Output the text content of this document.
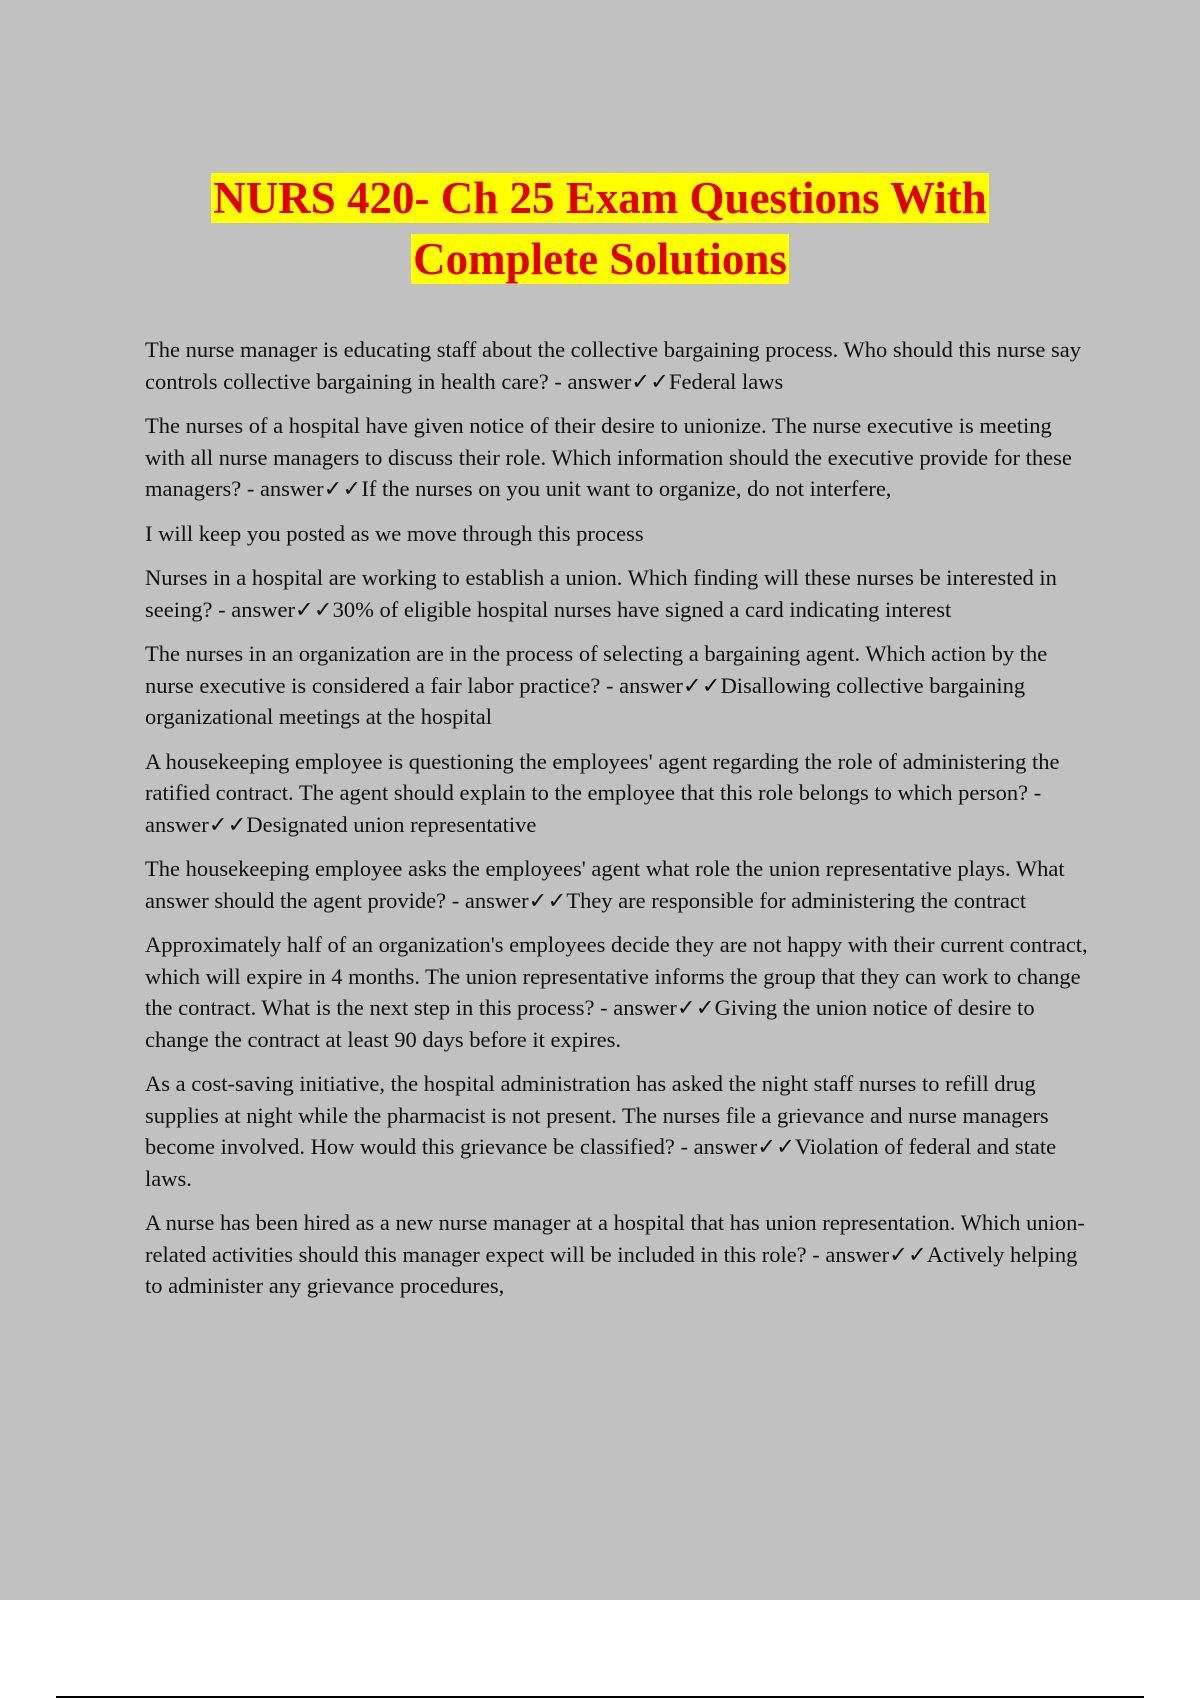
NURS 420- Ch 25 Exam Questions With
Complete Solutions

The nurse manager is educating staff about the collective bargaining process. Who should this nurse say controls collective bargaining in health care? - answer✓✓Federal laws

The nurses of a hospital have given notice of their desire to unionize. The nurse executive is meeting with all nurse managers to discuss their role. Which information should the executive provide for these managers? - answer✓✓If the nurses on you unit want to organize, do not interfere,

I will keep you posted as we move through this process

Nurses in a hospital are working to establish a union. Which finding will these nurses be interested in seeing? - answer✓✓30% of eligible hospital nurses have signed a card indicating interest

The nurses in an organization are in the process of selecting a bargaining agent. Which action by the nurse executive is considered a fair labor practice? - answer✓✓Disallowing collective bargaining organizational meetings at the hospital

A housekeeping employee is questioning the employees' agent regarding the role of administering the ratified contract. The agent should explain to the employee that this role belongs to which person? - answer✓✓Designated union representative

The housekeeping employee asks the employees' agent what role the union representative plays. What answer should the agent provide? - answer✓✓They are responsible for administering the contract

Approximately half of an organization's employees decide they are not happy with their current contract, which will expire in 4 months. The union representative informs the group that they can work to change the contract. What is the next step in this process? - answer✓✓Giving the union notice of desire to change the contract at least 90 days before it expires.

As a cost-saving initiative, the hospital administration has asked the night staff nurses to refill drug supplies at night while the pharmacist is not present. The nurses file a grievance and nurse managers become involved. How would this grievance be classified? - answer✓✓Violation of federal and state laws.

A nurse has been hired as a new nurse manager at a hospital that has union representation. Which union-related activities should this manager expect will be included in this role? - answer✓✓Actively helping to administer any grievance procedures,
